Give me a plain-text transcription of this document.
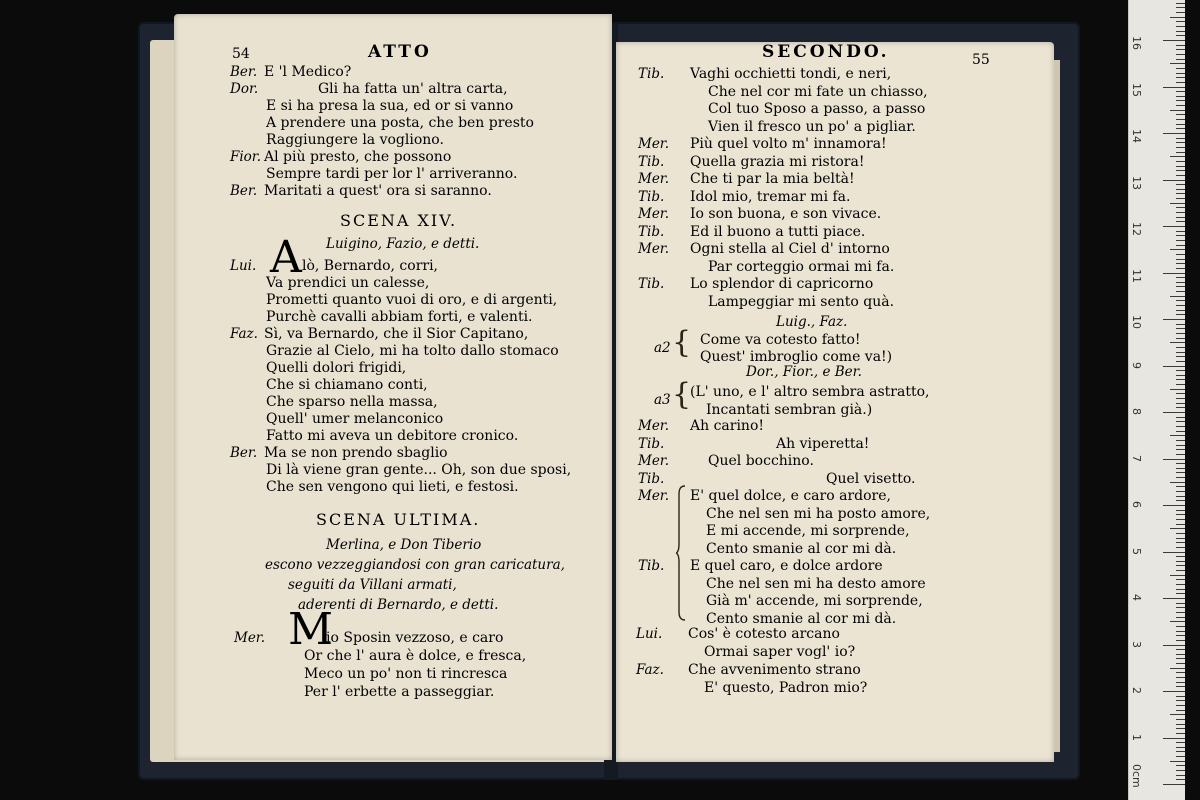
54	ATTO
Ber. E 'l Medico?
Dor.	Gli ha fatta un' altra carta,
E si ha presa la sua, ed or si vanno
A prendere una posta, che ben presto
Raggiungere la vogliono.
Fior. Al più presto, che possono
Sempre tardi per lor l' arriveranno.
Ber. Maritati a quest' ora si saranno.
SCENA XIV.
Luigino, Fazio, e detti.
Lui. A lò, Bernardo, corri,
Va prendici un calesse,
Prometti quanto vuoi di oro, e di argenti,
Purchè cavalli abbiam forti, e valenti.
Faz. Sì, va Bernardo, che il Sior Capitano,
Grazie al Cielo, mi ha tolto dallo stomaco
Quelli dolori frigidi,
Che si chiamano conti,
Che sparso nella massa,
Quell' umer melanconico
Fatto mi aveva un debitore cronico.
Ber. Ma se non prendo sbaglio
Di là viene gran gente... Oh, son due sposi,
Che sen vengono qui lieti, e festosi.
SCENA ULTIMA.
Merlina, e Don Tiberio
escono vezzeggiandosi con gran caricatura,
seguiti da Villani armati,
aderenti di Bernardo, e detti.
Mer. M
io Sposin vezzoso, e caro
Or che l' aura è dolce, e fresca,
Meco un po' non ti rincresca
Per l' erbette a passeggiar.
SECONDO.	55
Tib. Vaghi occhietti tondi, e neri,
Che nel cor mi fate un chiasso,
Col tuo Sposo a passo, a passo
Vien il fresco un po' a pigliar.
Mer. Più quel volto m' innamora!
Tib. Quella grazia mi ristora!
Mer. Che ti par la mia beltà!
Tib. Idol mio, tremar mi fa.
Mer. Io son buona, e son vivace.
Tib. Ed il buono a tutti piace.
Mer. Ogni stella al Ciel d' intorno
Par corteggio ormai mi fa.
Tib. Lo splendor di capricorno
Lampeggiar mi sento quà.
Luig., Faz.
a2 { Come va cotesto fatto!
Quest' imbroglio come va!)
Dor., Fior., e Ber.
a3 {
(L' uno, e l' altro sembra astratto,
Incantati sembran già.)
Mer. Ah carino!
Tib.	Ah viperetta!
Mer.	Quel bocchino.
Tib.	Quel visetto.
Mer. E' quel dolce, e caro ardore,
Che nel sen mi ha posto amore,
E mi accende, mi sorprende,
Cento smanie al cor mi dà.
Tib. E quel caro, e dolce ardore
Che nel sen mi ha desto amore
Già m' accende, mi sorprende,
Cento smanie al cor mi dà.
Lui. Cos' è cotesto arcano
Ormai saper vogl' io?
Faz. Che avvenimento strano
E' questo, Padron mio?
0cm
1
2
3
4
5
6
7
8
9
10
11
12
13
14
15
16
